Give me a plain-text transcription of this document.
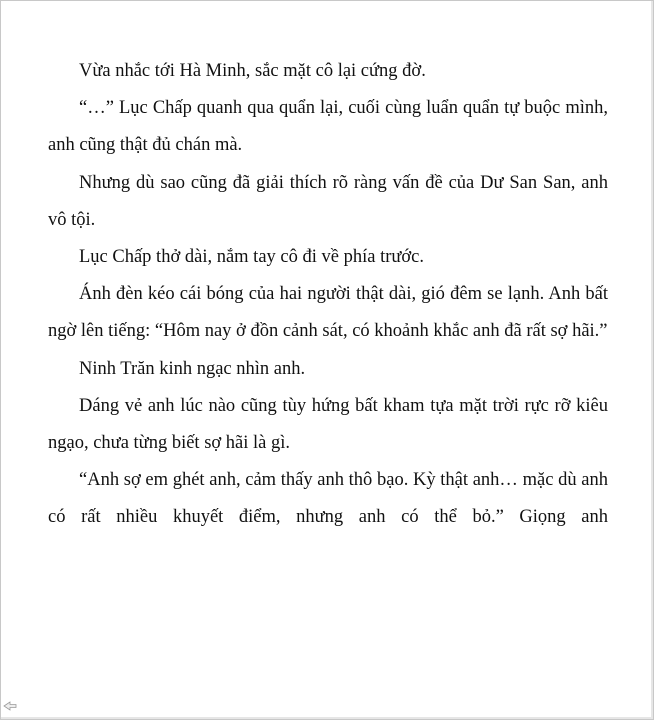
Vừa nhắc tới Hà Minh, sắc mặt cô lại cứng đờ.

“…” Lục Chấp quanh qua quẩn lại, cuối cùng luẩn quẩn tự buộc mình, anh cũng thật đủ chán mà.

Nhưng dù sao cũng đã giải thích rõ ràng vấn đề của Dư San San, anh vô tội.

Lục Chấp thở dài, nắm tay cô đi về phía trước.

Ánh đèn kéo cái bóng của hai người thật dài, gió đêm se lạnh. Anh bất ngờ lên tiếng: “Hôm nay ở đồn cảnh sát, có khoảnh khắc anh đã rất sợ hãi.”

Ninh Trăn kinh ngạc nhìn anh.

Dáng vẻ anh lúc nào cũng tùy hứng bất kham tựa mặt trời rực rỡ kiêu ngạo, chưa từng biết sợ hãi là gì.

“Anh sợ em ghét anh, cảm thấy anh thô bạo. Kỳ thật anh… mặc dù anh có rất nhiều khuyết điểm, nhưng anh có thể bỏ.” Giọng anh
